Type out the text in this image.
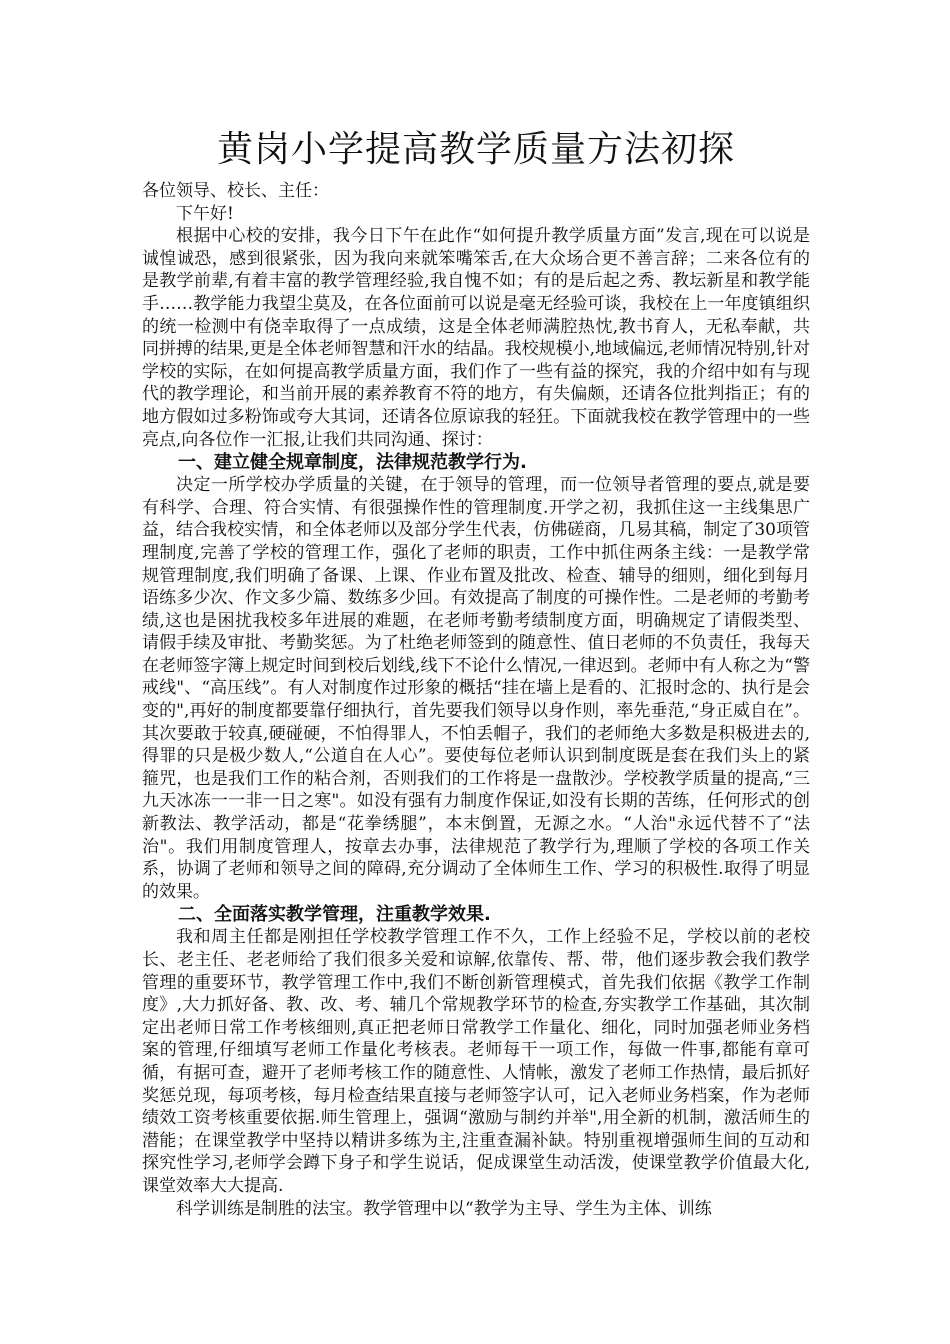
黄岗小学提高教学质量方法初探

各位领导、校长、主任：

下午好!

根据中心校的安排，我今日下午在此作“如何提升教学质量方面”发言,现在可以说是诚惶诚恐，感到很紧张，因为我向来就笨嘴笨舌,在大众场合更不善言辞；二来各位有的是教学前辈,有着丰富的教学管理经验,我自愧不如；有的是后起之秀、教坛新星和教学能手……教学能力我望尘莫及，在各位面前可以说是毫无经验可谈，我校在上一年度镇组织的统一检测中有侥幸取得了一点成绩，这是全体老师满腔热忱,教书育人，无私奉献，共同拼搏的结果,更是全体老师智慧和汗水的结晶。我校规模小,地域偏远,老师情况特别,针对学校的实际，在如何提高教学质量方面，我们作了一些有益的探究，我的介绍中如有与现代的教学理论，和当前开展的素养教育不符的地方，有失偏颇，还请各位批判指正；有的地方假如过多粉饰或夸大其词，还请各位原谅我的轻狂。下面就我校在教学管理中的一些亮点,向各位作一汇报,让我们共同沟通、探讨：

一、建立健全规章制度，法律规范教学行为.

决定一所学校办学质量的关键，在于领导的管理，而一位领导者管理的要点,就是要有科学、合理、符合实情、有很强操作性的管理制度.开学之初，我抓住这一主线集思广益，结合我校实情，和全体老师以及部分学生代表，仿佛磋商，几易其稿，制定了30项管理制度,完善了学校的管理工作，强化了老师的职责，工作中抓住两条主线：一是教学常规管理制度,我们明确了备课、上课、作业布置及批改、检查、辅导的细则，细化到每月语练多少次、作文多少篇、数练多少回。有效提高了制度的可操作性。二是老师的考勤考绩,这也是困扰我校多年进展的难题，在老师考勤考绩制度方面，明确规定了请假类型、请假手续及审批、考勤奖惩。为了杜绝老师签到的随意性、值日老师的不负责任，我每天在老师签字簿上规定时间到校后划线,线下不论什么情况,一律迟到。老师中有人称之为“警戒线"、“高压线”。有人对制度作过形象的概括“挂在墙上是看的、汇报时念的、执行是会变的",再好的制度都要靠仔细执行，首先要我们领导以身作则，率先垂范,“身正威自在”。其次要敢于较真,硬碰硬，不怕得罪人，不怕丢帽子，我们的老师绝大多数是积极进去的,得罪的只是极少数人,“公道自在人心”。要使每位老师认识到制度既是套在我们头上的紧箍咒，也是我们工作的粘合剂，否则我们的工作将是一盘散沙。学校教学质量的提高,“三九天冰冻一一非一日之寒"。如没有强有力制度作保证,如没有长期的苦练，任何形式的创新教法、教学活动，都是“花拳绣腿”，本末倒置，无源之水。“人治"永远代替不了“法治"。我们用制度管理人，按章去办事，法律规范了教学行为,理顺了学校的各项工作关系，协调了老师和领导之间的障碍,充分调动了全体师生工作、学习的积极性.取得了明显的效果。

二、全面落实教学管理，注重教学效果.

我和周主任都是刚担任学校教学管理工作不久，工作上经验不足，学校以前的老校长、老主任、老老师给了我们很多关爱和谅解,依靠传、帮、带，他们逐步教会我们教学管理的重要环节，教学管理工作中,我们不断创新管理模式，首先我们依据《教学工作制度》,大力抓好备、教、改、考、辅几个常规教学环节的检查,夯实教学工作基础，其次制定出老师日常工作考核细则,真正把老师日常教学工作量化、细化，同时加强老师业务档案的管理,仔细填写老师工作量化考核表。老师每干一项工作，每做一件事,都能有章可循，有据可查，避开了老师考核工作的随意性、人情帐，激发了老师工作热情，最后抓好奖惩兑现，每项考核，每月检查结果直接与老师签字认可，记入老师业务档案，作为老师绩效工资考核重要依据.师生管理上，强调“激励与制约并举",用全新的机制，激活师生的潜能；在课堂教学中坚持以精讲多练为主,注重查漏补缺。特别重视增强师生间的互动和探究性学习,老师学会蹲下身子和学生说话，促成课堂生动活泼，使课堂教学价值最大化,课堂效率大大提高.

科学训练是制胜的法宝。教学管理中以“教学为主导、学生为主体、训练
